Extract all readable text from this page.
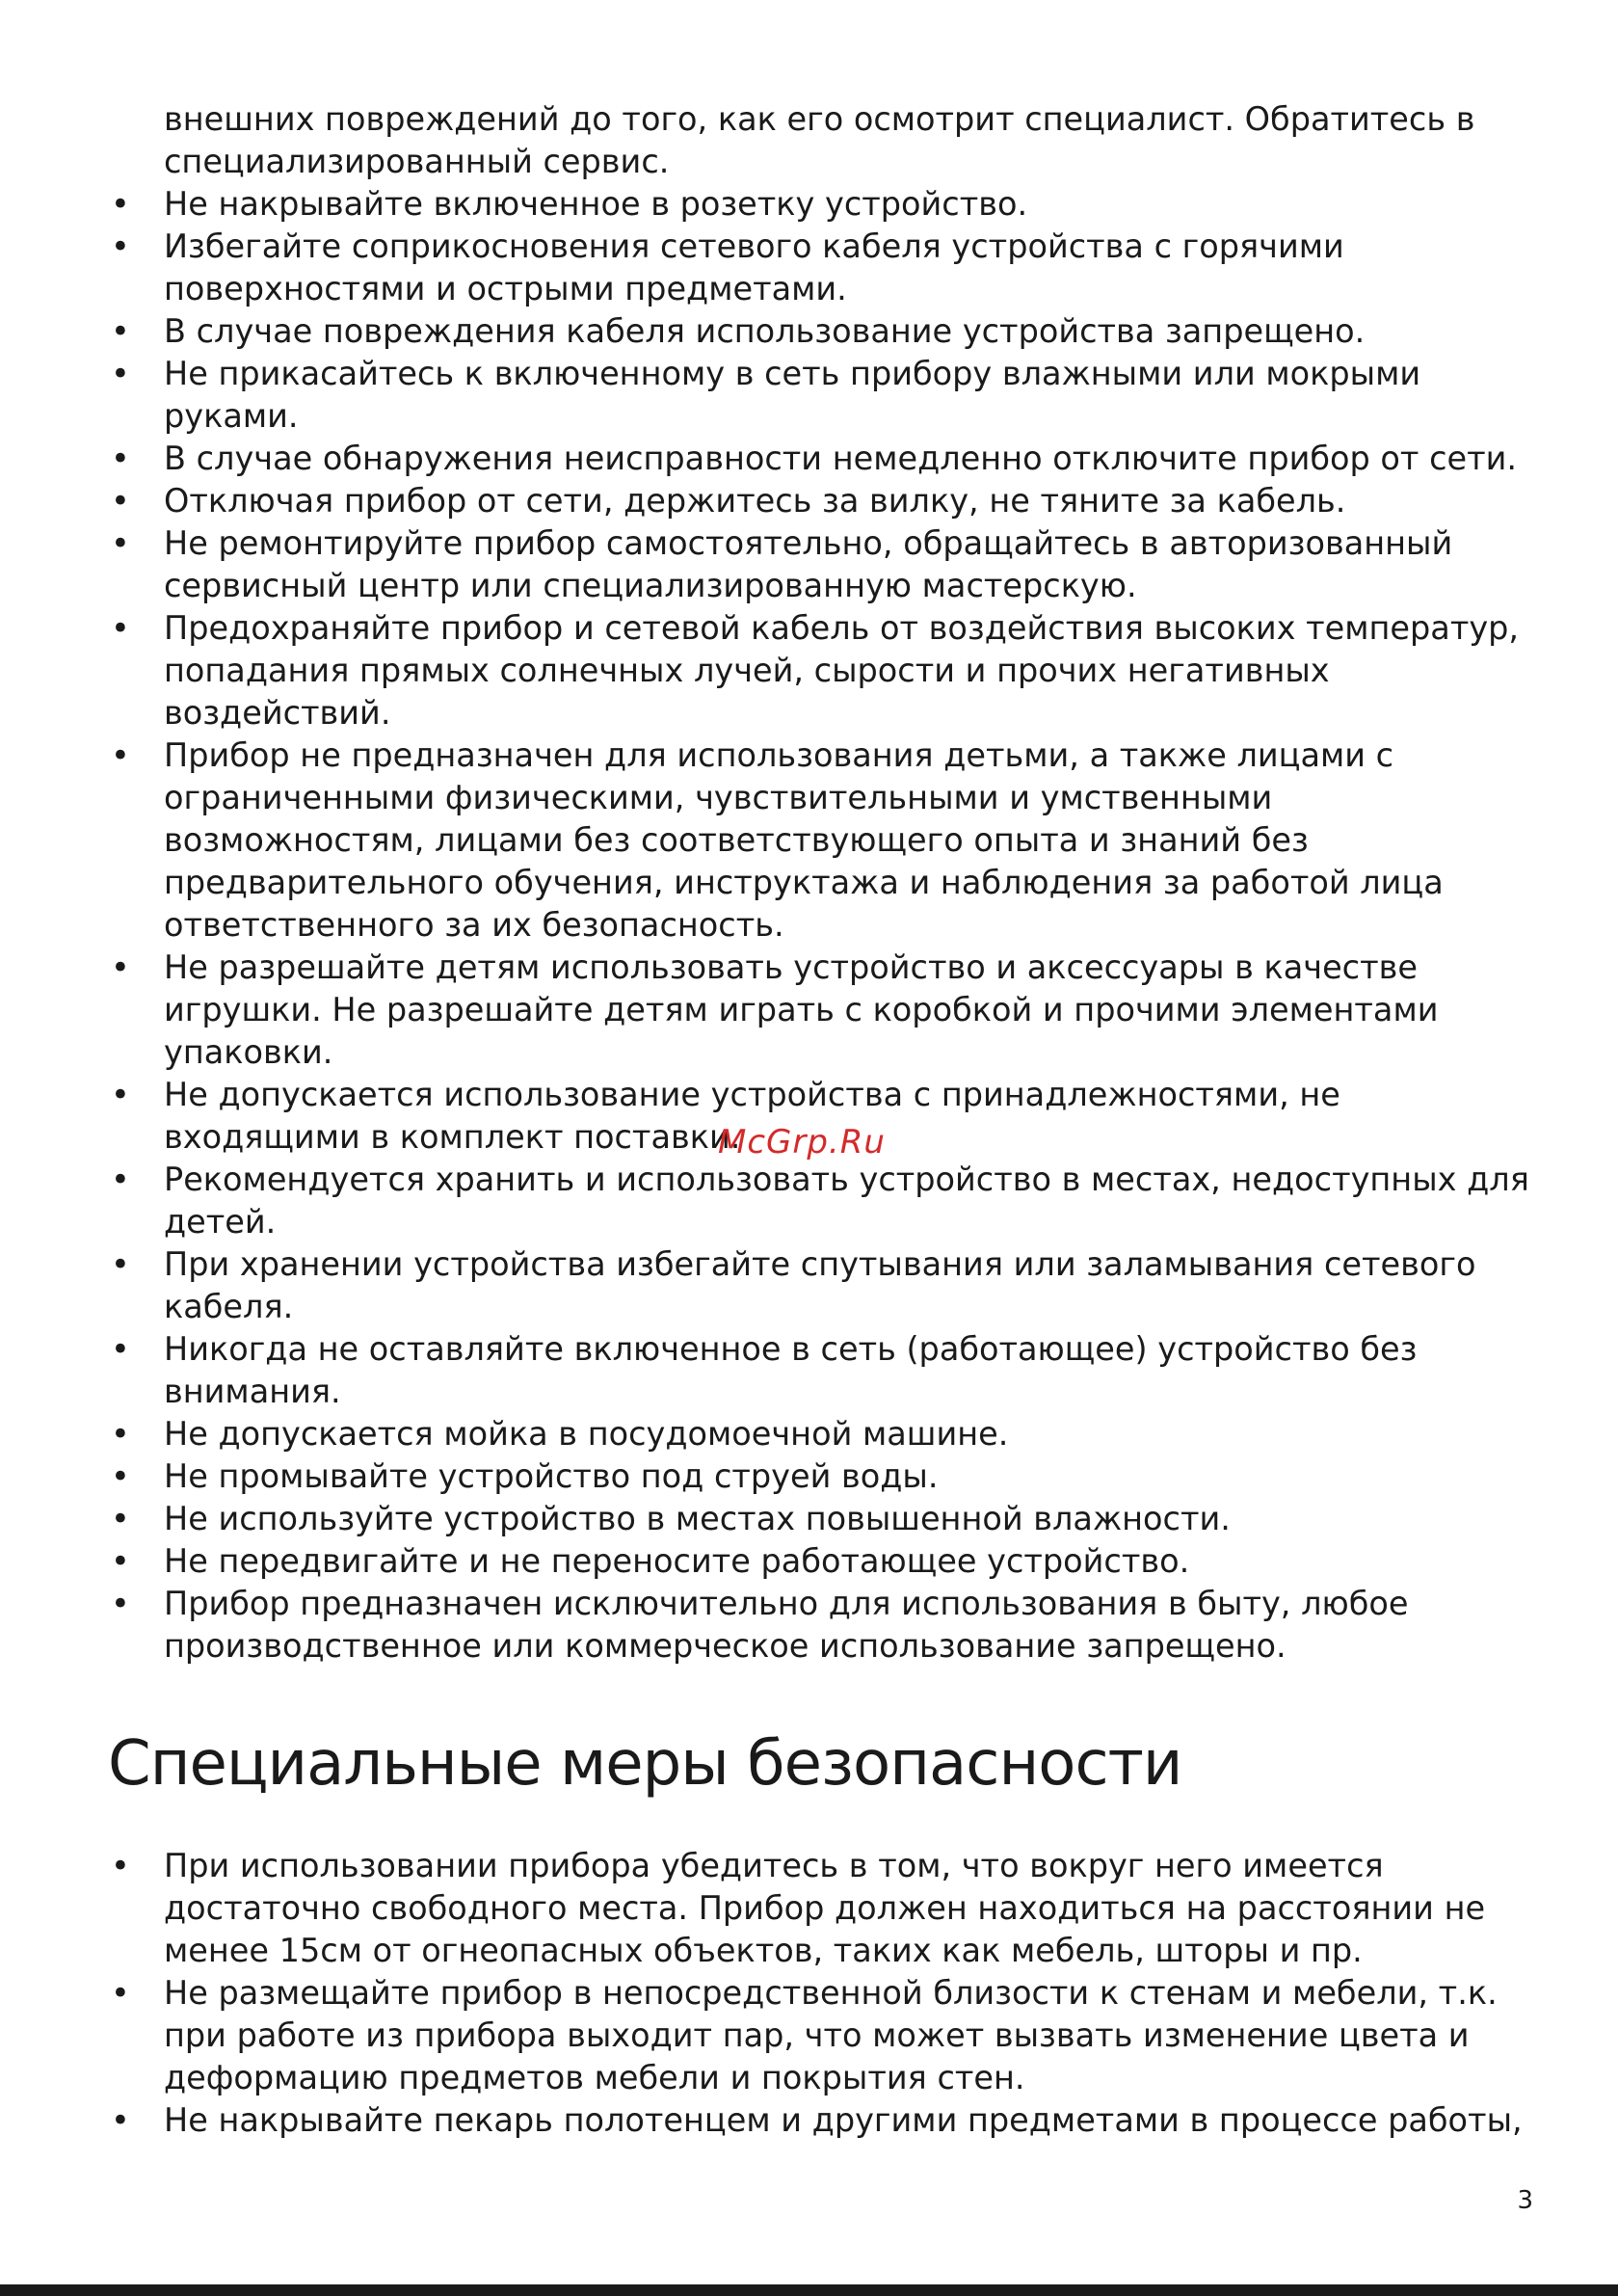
внешних повреждений до того, как его осмотрит специалист. Обратитесь в специализированный сервис.

• Не накрывайте включенное в розетку устройство.
• Избегайте соприкосновения сетевого кабеля устройства с горячими поверхностями и острыми предметами.
• В случае повреждения кабеля использование устройства запрещено.
• Не прикасайтесь к включенному в сеть прибору влажными или мокрыми руками.
• В случае обнаружения неисправности немедленно отключите прибор от сети.
• Отключая прибор от сети, держитесь за вилку, не тяните за кабель.
• Не ремонтируйте прибор самостоятельно, обращайтесь в авторизованный сервисный центр или специализированную мастерскую.
• Предохраняйте прибор и сетевой кабель от воздействия высоких температур, попадания прямых солнечных лучей, сырости и прочих негативных воздействий.
• Прибор не предназначен для использования детьми, а также лицами с ограниченными физическими, чувствительными и умственными возможностям, лицами без соответствующего опыта и знаний без предварительного обучения, инструктажа и наблюдения за работой лица ответственного за их безопасность.
• Не разрешайте детям использовать устройство и аксессуары в качестве игрушки. Не разрешайте детям играть с коробкой и прочими элементами упаковки.
• Не допускается использование устройства с принадлежностями, не входящими в комплект поставки.
• Рекомендуется хранить и использовать устройство в местах, недоступных для детей.
• При хранении устройства избегайте спутывания или заламывания сетевого кабеля.
• Никогда не оставляйте включенное в сеть (работающее) устройство без внимания.
• Не допускается мойка в посудомоечной машине.
• Не промывайте устройство под струей воды.
• Не используйте устройство в местах повышенной влажности.
• Не передвигайте и не переносите работающее устройство.
• Прибор предназначен исключительно для использования в быту, любое производственное или коммерческое использование запрещено.
McGrp.Ru
Специальные меры безопасности
• При использовании прибора убедитесь в том, что вокруг него имеется достаточно свободного места. Прибор должен находиться на расстоянии не менее 15см от огнеопасных объектов, таких как мебель, шторы и пр.
• Не размещайте прибор в непосредственной близости к стенам и мебели, т.к. при работе из прибора выходит пар, что может вызвать изменение цвета и деформацию предметов мебели и покрытия стен.
• Не накрывайте пекарь полотенцем и другими предметами в процессе работы,
3
